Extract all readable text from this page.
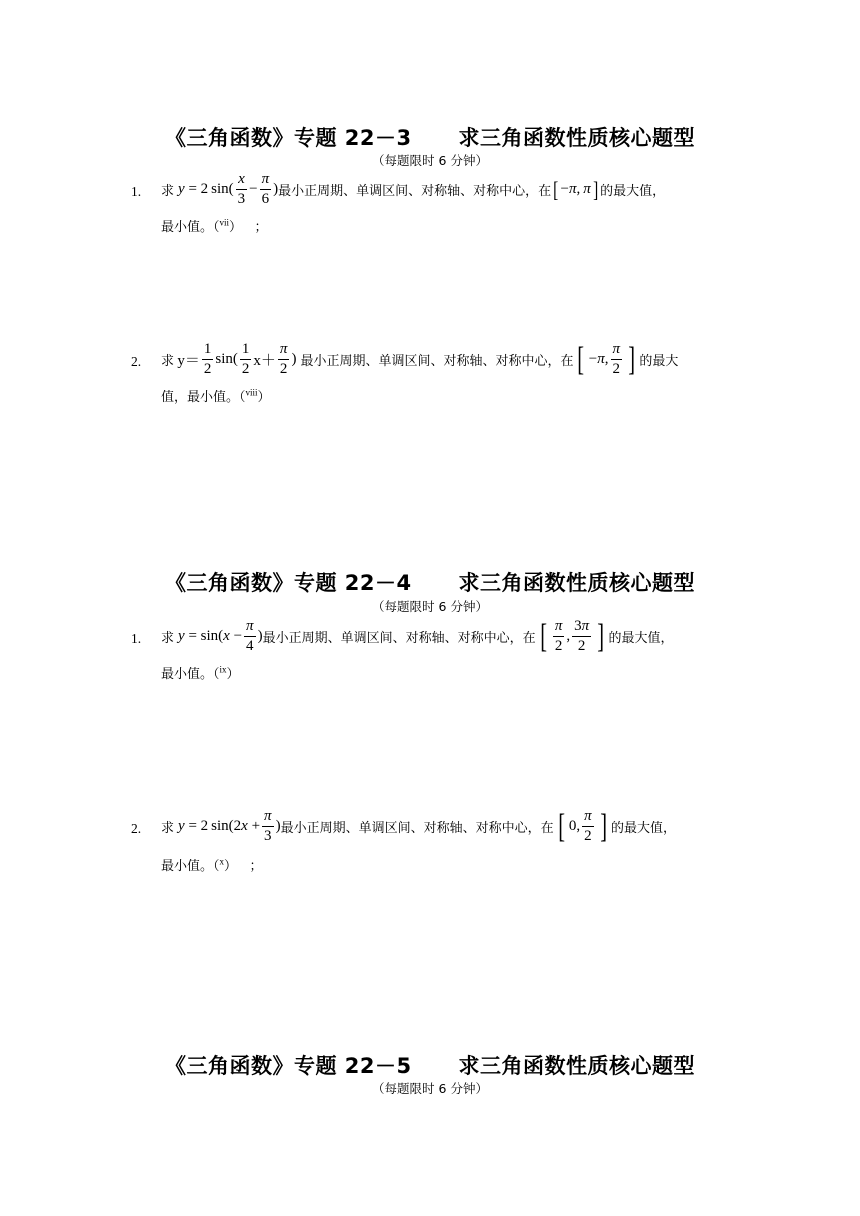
《三角函数》专题 22－3      求三角函数性质核心题型
（每题限时 6 分钟）
1. 求 y = 2 $\sin( \frac{x}{3} - \frac{\pi}{6}$ ) 最小正周期、单调区间、对称轴、对称中心，在 [ − π ,  π ] 的最大值，
最小值。（$^{vii}$） ；
2. 求
$y= \frac{1}{2} \sin( \frac{1}{2} x+ \frac{\pi}{2}$ ) 最小正周期、单调区间、对称轴、对称中心，在 [ − π , $\frac{\pi}{2}$ ] 的最大
值，最小值。（$^{viii}$）
《三角函数》专题 22－4      求三角函数性质核心题型
（每题限时 6 分钟）
1. 求 y = sin( $x - \frac{\pi}{4}$ ) 最小正周期、单调区间、对称轴、对称中心，在 [ $\frac{\pi}{2}$ , $\frac{3\pi}{2}$ ] 的最大值，
最小值。（$^{ix}$）
2. 求 y = 2 sin(2 $x + \frac{\pi}{3}$ ) 最小正周期、单调区间、对称轴、对称中心，在 [ 0, $\frac{\pi}{2}$ ] 的最大值，
最小值。（$^x$） ；
《三角函数》专题 22－5      求三角函数性质核心题型
（每题限时 6 分钟）
